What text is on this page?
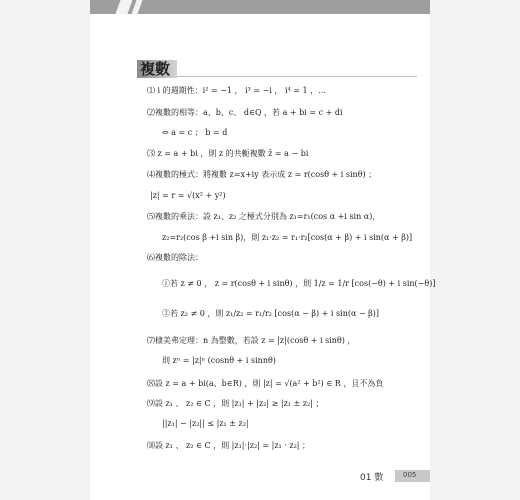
複數
⑴ i 的週期性：i² = −1 ， i³ = −i ， i⁴ = 1 ，…
⑵複數的相等：a、b、c、 d∈Q ，若 a + bi = c + di
⇔ a = c ； b = d
⑶ z = a + bi ，則 z 的共軛複數 z̄ = a − bi
⑷複數的極式：將複數 z=x+iy 表示成 z = r(cosθ + i sinθ) ；
|z| = r = √(x² + y²)
⑸複數的乘法：設 z₁、z₂ 之極式分別為 z₁=r₁(cos α +i sin α)，
z₂=r₂(cos β +i sin β)，則 z₁·z₂ = r₁·r₂[cos(α + β) + i sin(α + β)]
⑹複數的除法：
①若 z ≠ 0 ， z = r(cosθ + i sinθ) ，則 1/z = 1/r [cos(−θ) + i sin(−θ)]
②若 z₂ ≠ 0 ，則 z₁/z₂ = r₁/r₂ [cos(α − β) + i sin(α − β)]
⑺棣美弗定理：n 為整數，若設 z = |z|(cosθ + i sinθ) ，
則 zⁿ = |z|ⁿ (cosnθ + i sinnθ)
⑻設 z = a + bi(a、b∈R) ，則 |z| = √(a² + b²) ∈ R ，且不為負
⑼設 z₁ 、 z₂ ∈ C ，則 |z₁| + |z₂| ≥ |z₁ ± z₂| ；
||z₁| − |z₂|| ≤ |z₁ ± z₂|
⑽設 z₁ 、 z₂ ∈ C ，則 |z₁|·|z₂| = |z₁ · z₂| ；
01 數	005
